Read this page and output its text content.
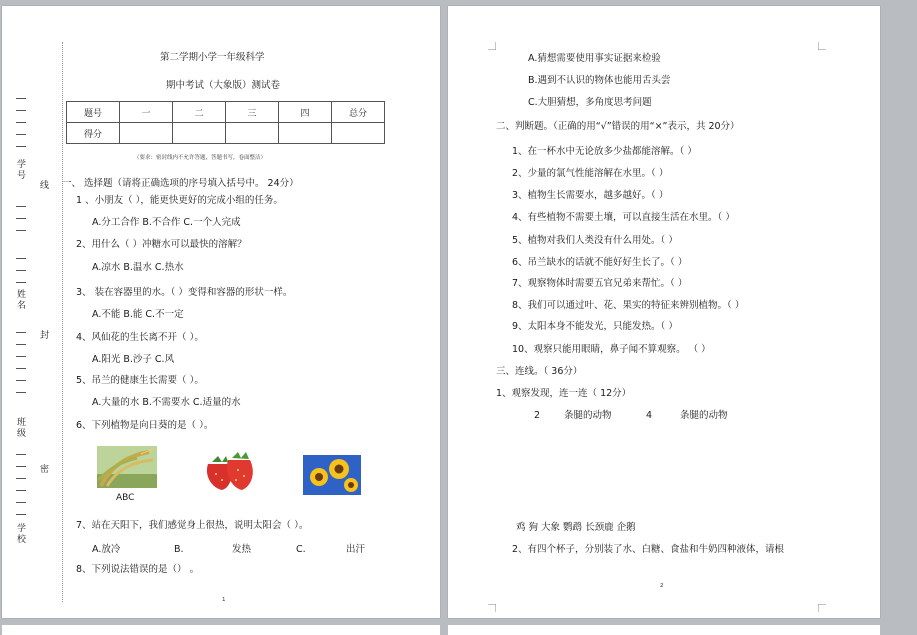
学
号
姓
名
班
级
学
校
线
封
密
第二学期小学一年级科学
期中考试（大象版）测试卷
题号	一	二	三	四	总分
得分					
（要求：密封线内不允许答题，答题书写，卷面整洁）
一、 选择题（请将正确选项的序号填入括号中。 24分）
1 、小朋友（ ），能更快更好的完成小组的任务。
A.分工合作 B.不合作 C.一个人完成
2、用什么（ ）冲糖水可以最快的溶解？
A.凉水 B.温水 C.热水
3、 装在容器里的水。（ ）变得和容器的形状一样。
A.不能 B.能 C.不一定
4、风仙花的生长离不开（ ）。
A.阳光 B.沙子 C.风
5、吊兰的健康生长需要（ ）。
A.大量的水 B.不需要水 C.适量的水
6、下列植物是向日葵的是（ ）。
ABC
7、站在天阳下，我们感觉身上很热，说明太阳会（ ）。
A.放冷	B.	发热	C.	出汗
8、下列说法错误的是（） 。
1
A.猜想需要使用事实证据来检验
B.遇到不认识的物体也能用舌头尝
C.大胆猜想，多角度思考问题
二、判断题。（正确的用“√”错误的用“×”表示，共 20分）
1、在一杯水中无论放多少盐都能溶解。（ ）
2、少量的氯气性能溶解在水里。（ ）
3、植物生长需要水，越多越好。（ ）
4、有些植物不需要土壤，可以直接生活在水里。（ ）
5、植物对我们人类没有什么用处。（ ）
6、吊兰缺水的话就不能好好生长了。（ ）
7、观察物体时需要五官兄弟来帮忙。（ ）
8、我们可以通过叶、花、果实的特征来辨别植物。（ ）
9、太阳本身不能发光，只能发热。（ ）
10、观察只能用眼睛，鼻子闻不算观察。 （ ）
三、连线。（ 36分）
1、观察发现，连一连（ 12分）
2	条腿的动物	4	条腿的动物
鸡 狗 大象 鹦鹉 长颈鹿 企鹅
2、有四个杯子，分别装了水、白糖、食盐和牛奶四种液体，请根
2
